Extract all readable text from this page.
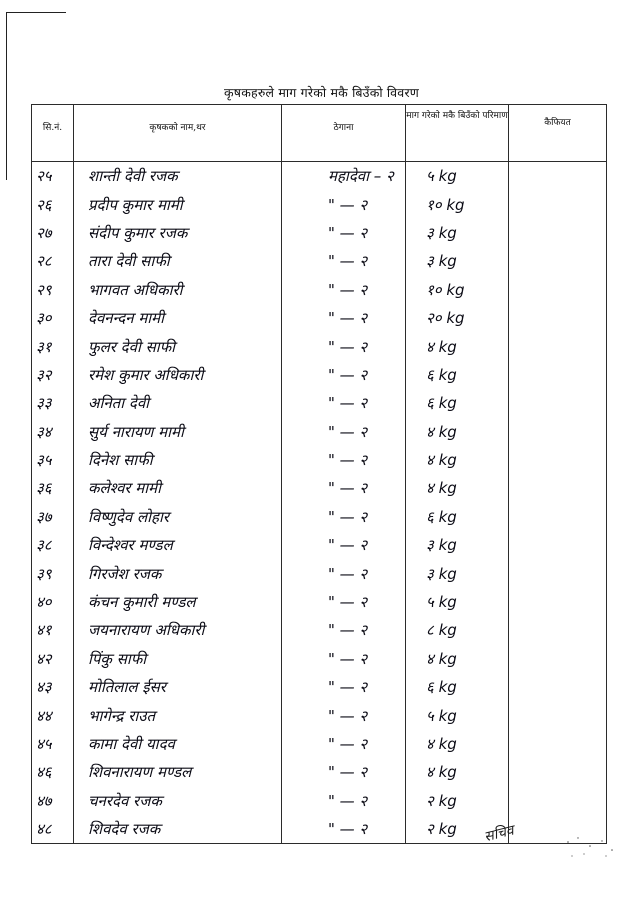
कृषकहरुले माग गरेको मकै बिउँको विवरण
सि.नं.	कृषकको नाम,थर	ठेगाना	माग गरेको मकै बिउँको परिमाण	कैफियत
२५	शान्ती देवी रजक	महादेवा – २	५ kg	
२६	प्रदीप कुमार मामी	" — २	१० kg	
२७	संदीप कुमार रजक	" — २	३ kg	
२८	तारा देवी साफी	" — २	३ kg	
२९	भागवत अधिकारी	" — २	१० kg	
३०	देवनन्दन मामी	" — २	२० kg	
३१	फुलर देवी साफी	" — २	४ kg	
३२	रमेश कुमार अधिकारी	" — २	६ kg	
३३	अनिता देवी	" — २	६ kg	
३४	सुर्य नारायण मामी	" — २	४ kg	
३५	दिनेश साफी	" — २	४ kg	
३६	कलेश्वर मामी	" — २	४ kg	
३७	विष्णुदेव लोहार	" — २	६ kg	
३८	विन्देश्वर मण्डल	" — २	३ kg	
३९	गिरजेश रजक	" — २	३ kg	
४०	कंचन कुमारी मण्डल	" — २	५ kg	
४१	जयनारायण अधिकारी	" — २	८ kg	
४२	पिंकु साफी	" — २	४ kg	
४३	मोतिलाल ईसर	" — २	६ kg	
४४	भागेन्द्र राउत	" — २	५ kg	
४५	कामा देवी यादव	" — २	४ kg	
४६	शिवनारायण मण्डल	" — २	४ kg	
४७	चनरदेव रजक	" — २	२ kg	
४८	शिवदेव रजक	" — २	२ kg	सचिव
